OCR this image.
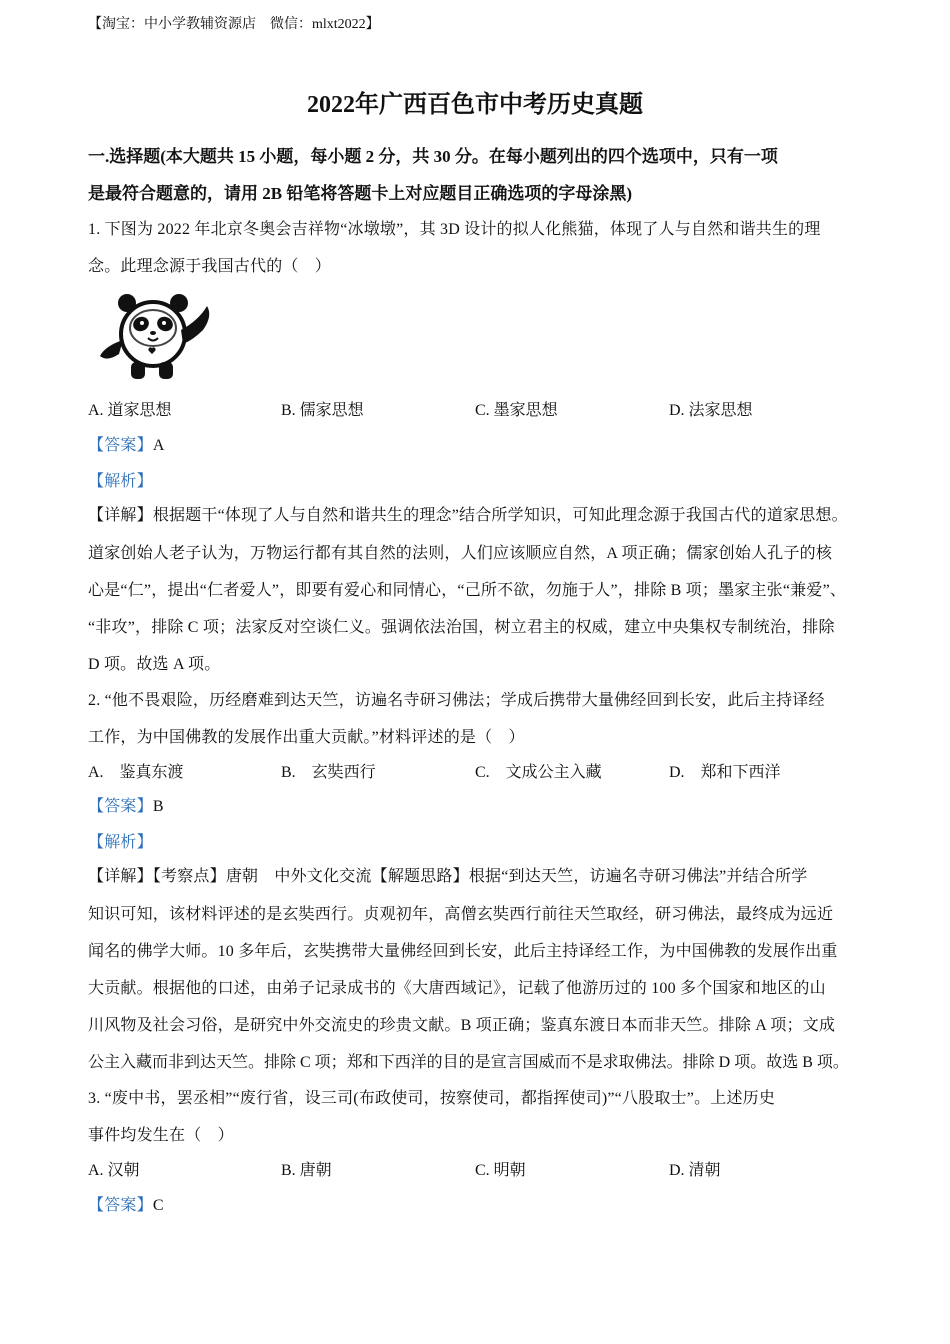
【淘宝：中小学教辅资源店　微信：mlxt2022】
2022年广西百色市中考历史真题
一.选择题(本大题共 15 小题，每小题 2 分，共 30 分。在每小题列出的四个选项中，只有一项
是最符合题意的，请用 2B 铅笔将答题卡上对应题目正确选项的字母涂黑)
1. 下图为 2022 年北京冬奥会吉祥物“冰墩墩”，其 3D 设计的拟人化熊猫，体现了人与自然和谐共生的理
念。此理念源于我国古代的（　）
A. 道家思想	B. 儒家思想	C. 墨家思想	D. 法家思想
【答案】A
【解析】
【详解】根据题干“体现了人与自然和谐共生的理念”结合所学知识，可知此理念源于我国古代的道家思想。
道家创始人老子认为，万物运行都有其自然的法则，人们应该顺应自然，A 项正确；儒家创始人孔子的核
心是“仁”，提出“仁者爱人”，即要有爱心和同情心，“己所不欲，勿施于人”，排除 B 项；墨家主张“兼爱”、
“非攻”，排除 C 项；法家反对空谈仁义。强调依法治国，树立君主的权威，建立中央集权专制统治，排除
D 项。故选 A 项。
2. “他不畏艰险，历经磨难到达天竺，访遍名寺研习佛法；学成后携带大量佛经回到长安，此后主持译经
工作，为中国佛教的发展作出重大贡献。”材料评述的是（　）
A.　鉴真东渡	B.　玄奘西行	C.　文成公主入藏	D.　郑和下西洋
【答案】B
【解析】
【详解】【考察点】唐朝　中外文化交流【解题思路】根据“到达天竺，访遍名寺研习佛法”并结合所学
知识可知，该材料评述的是玄奘西行。贞观初年，高僧玄奘西行前往天竺取经，研习佛法，最终成为远近
闻名的佛学大师。10 多年后，玄奘携带大量佛经回到长安，此后主持译经工作，为中国佛教的发展作出重
大贡献。根据他的口述，由弟子记录成书的《大唐西域记》，记载了他游历过的 100 多个国家和地区的山
川风物及社会习俗，是研究中外交流史的珍贵文献。B 项正确；鉴真东渡日本而非天竺。排除 A 项；文成
公主入藏而非到达天竺。排除 C 项；郑和下西洋的目的是宣言国威而不是求取佛法。排除 D 项。故选 B 项。
3. “废中书，罢丞相”“废行省，设三司(布政使司，按察使司，都指挥使司)”“八股取士”。上述历史
事件均发生在（　）
A. 汉朝	B. 唐朝	C. 明朝	D. 清朝
【答案】C
